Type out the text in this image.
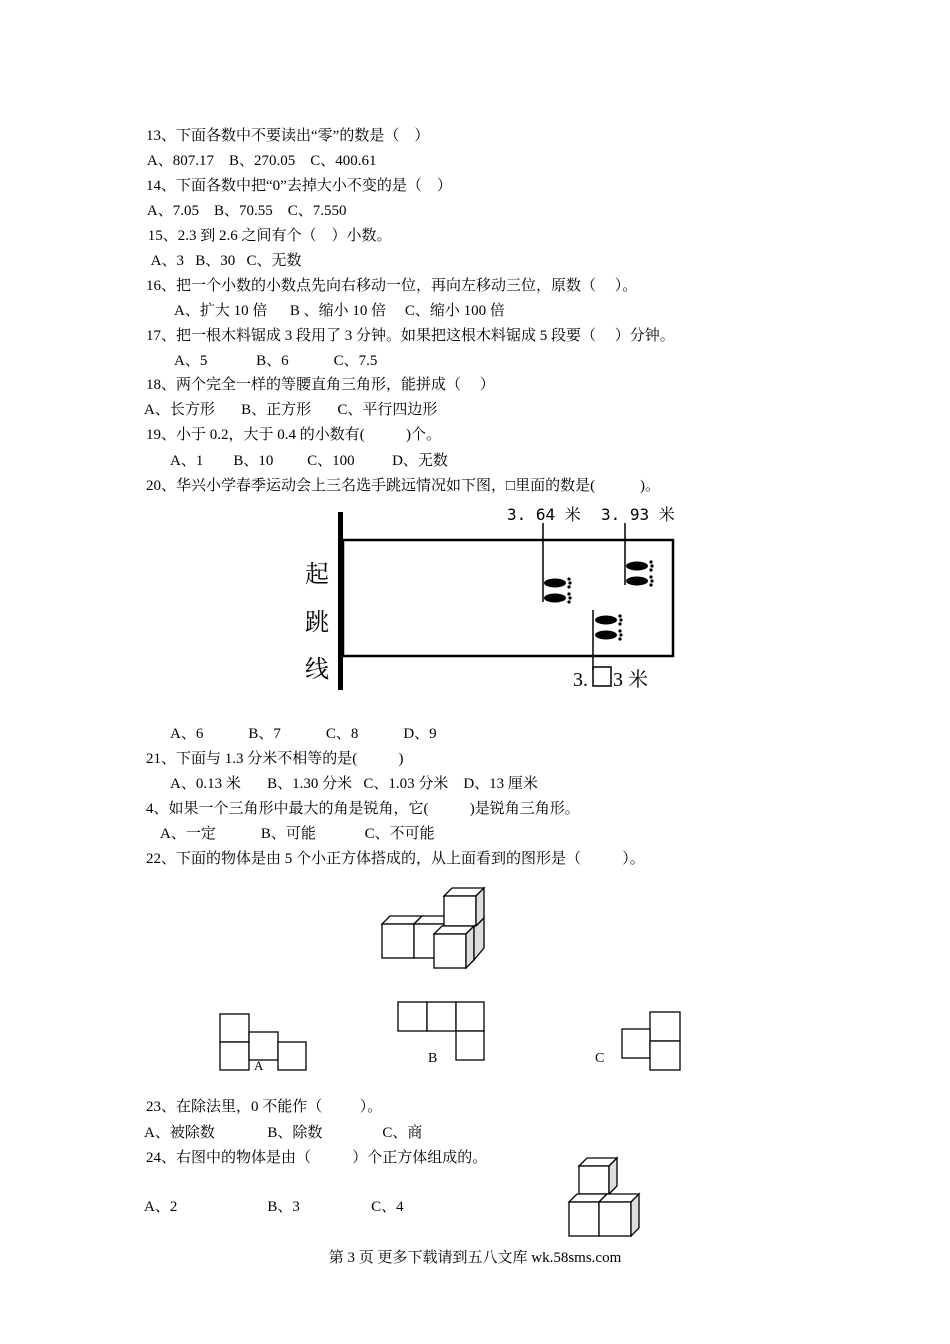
13、下面各数中不要读出“零”的数是（    ）
A、807.17    B、270.05    C、400.61
14、下面各数中把“0”去掉大小不变的是（    ）
A、7.05    B、70.55    C、7.550
15、2.3 到 2.6 之间有个（    ）小数。
A、3   B、30   C、无数
16、把一个小数的小数点先向右移动一位，再向左移动三位，原数（     ）。
A、扩大 10 倍      B 、缩小 10 倍     C、缩小 100 倍
17、把一根木料锯成 3 段用了 3 分钟。如果把这根木料锯成 5 段要（     ）分钟。
A、5             B、6            C、7.5
18、两个完全一样的等腰直角三角形，能拼成（     ）
A、长方形       B、正方形       C、平行四边形
19、小于 0.2，大于 0.4 的小数有(           )个。
A、1        B、10         C、100          D、无数
20、华兴小学春季运动会上三名选手跳远情况如下图，□里面的数是(            )。
起
跳
线
3. 64 米 3. 93 米
3. 3 米
A、6            B、7            C、8            D、9
21、下面与 1.3 分米不相等的是(           )
A、0.13 米       B、1.30 分米   C、1.03 分米    D、13 厘米
4、如果一个三角形中最大的角是锐角，它(           )是锐角三角形。
A、一定            B、可能             C、不可能
22、下面的物体是由 5 个小正方体搭成的，从上面看到的图形是（           ）。
A	B	C
23、在除法里，0 不能作（          ）。
A、被除数              B、除数                C、商
24、右图中的物体是由（           ）个正方体组成的。
A、2                        B、3                   C、4
第 3 页 更多下载请到五八文库 wk.58sms.com
